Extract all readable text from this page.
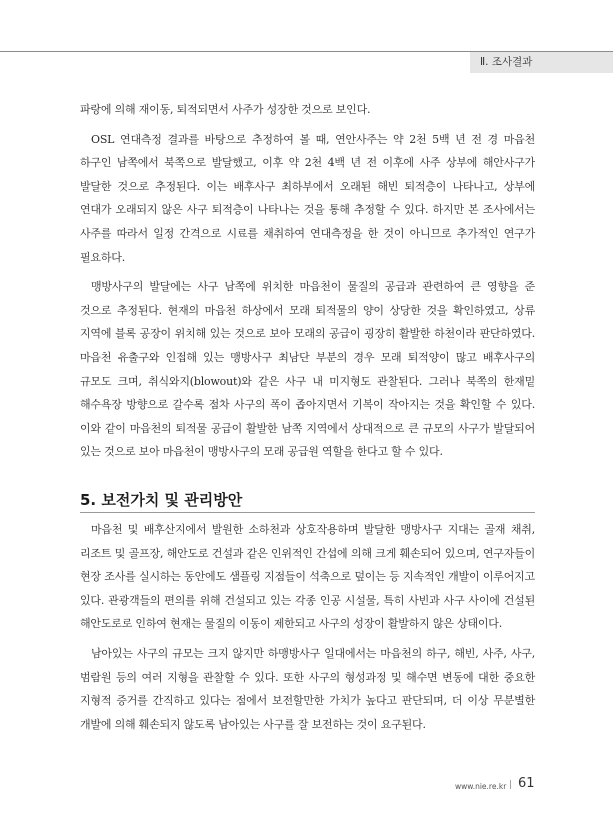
Ⅱ. 조사결과

파랑에 의해 재이동, 퇴적되면서 사주가 성장한 것으로 보인다.

OSL 연대측정 결과를 바탕으로 추정하여 볼 때, 연안사주는 약 2천 5백 년 전 경 마읍천 하구인 남쪽에서 북쪽으로 발달했고, 이후 약 2천 4백 년 전 이후에 사주 상부에 해안사구가 발달한 것으로 추정된다. 이는 배후사구 최하부에서 오래된 해빈 퇴적층이 나타나고, 상부에 연대가 오래되지 않은 사구 퇴적층이 나타나는 것을 통해 추정할 수 있다. 하지만 본 조사에서는 사주를 따라서 일정 간격으로 시료를 채취하여 연대측정을 한 것이 아니므로 추가적인 연구가 필요하다.

맹방사구의 발달에는 사구 남쪽에 위치한 마읍천이 물질의 공급과 관련하여 큰 영향을 준 것으로 추정된다. 현재의 마읍천 하상에서 모래 퇴적물의 양이 상당한 것을 확인하였고, 상류 지역에 블록 공장이 위치해 있는 것으로 보아 모래의 공급이 굉장히 활발한 하천이라 판단하였다. 마읍천 유출구와 인접해 있는 맹방사구 최남단 부분의 경우 모래 퇴적양이 많고 배후사구의 규모도 크며, 취식와지(blowout)와 같은 사구 내 미지형도 관찰된다. 그러나 북쪽의 한재밑 해수욕장 방향으로 갈수록 점차 사구의 폭이 좁아지면서 기복이 작아지는 것을 확인할 수 있다. 이와 같이 마읍천의 퇴적물 공급이 활발한 남쪽 지역에서 상대적으로 큰 규모의 사구가 발달되어 있는 것으로 보아 마읍천이 맹방사구의 모래 공급원 역할을 한다고 할 수 있다.

5. 보전가치 및 관리방안

마읍천 및 배후산지에서 발원한 소하천과 상호작용하며 발달한 맹방사구 지대는 골재 채취, 리조트 및 골프장, 해안도로 건설과 같은 인위적인 간섭에 의해 크게 훼손되어 있으며, 연구자들이 현장 조사를 실시하는 동안에도 샘플링 지점들이 석축으로 덮이는 등 지속적인 개발이 이루어지고 있다. 관광객들의 편의를 위해 건설되고 있는 각종 인공 시설물, 특히 사빈과 사구 사이에 건설된 해안도로로 인하여 현재는 물질의 이동이 제한되고 사구의 성장이 활발하지 않은 상태이다.

남아있는 사구의 규모는 크지 않지만 하맹방사구 일대에서는 마읍천의 하구, 해빈, 사주, 사구, 범람원 등의 여러 지형을 관찰할 수 있다. 또한 사구의 형성과정 및 해수면 변동에 대한 중요한 지형적 증거를 간직하고 있다는 점에서 보전할만한 가치가 높다고 판단되며, 더 이상 무분별한 개발에 의해 훼손되지 않도록 남아있는 사구를 잘 보전하는 것이 요구된다.

www.nie.re.kr | 61
